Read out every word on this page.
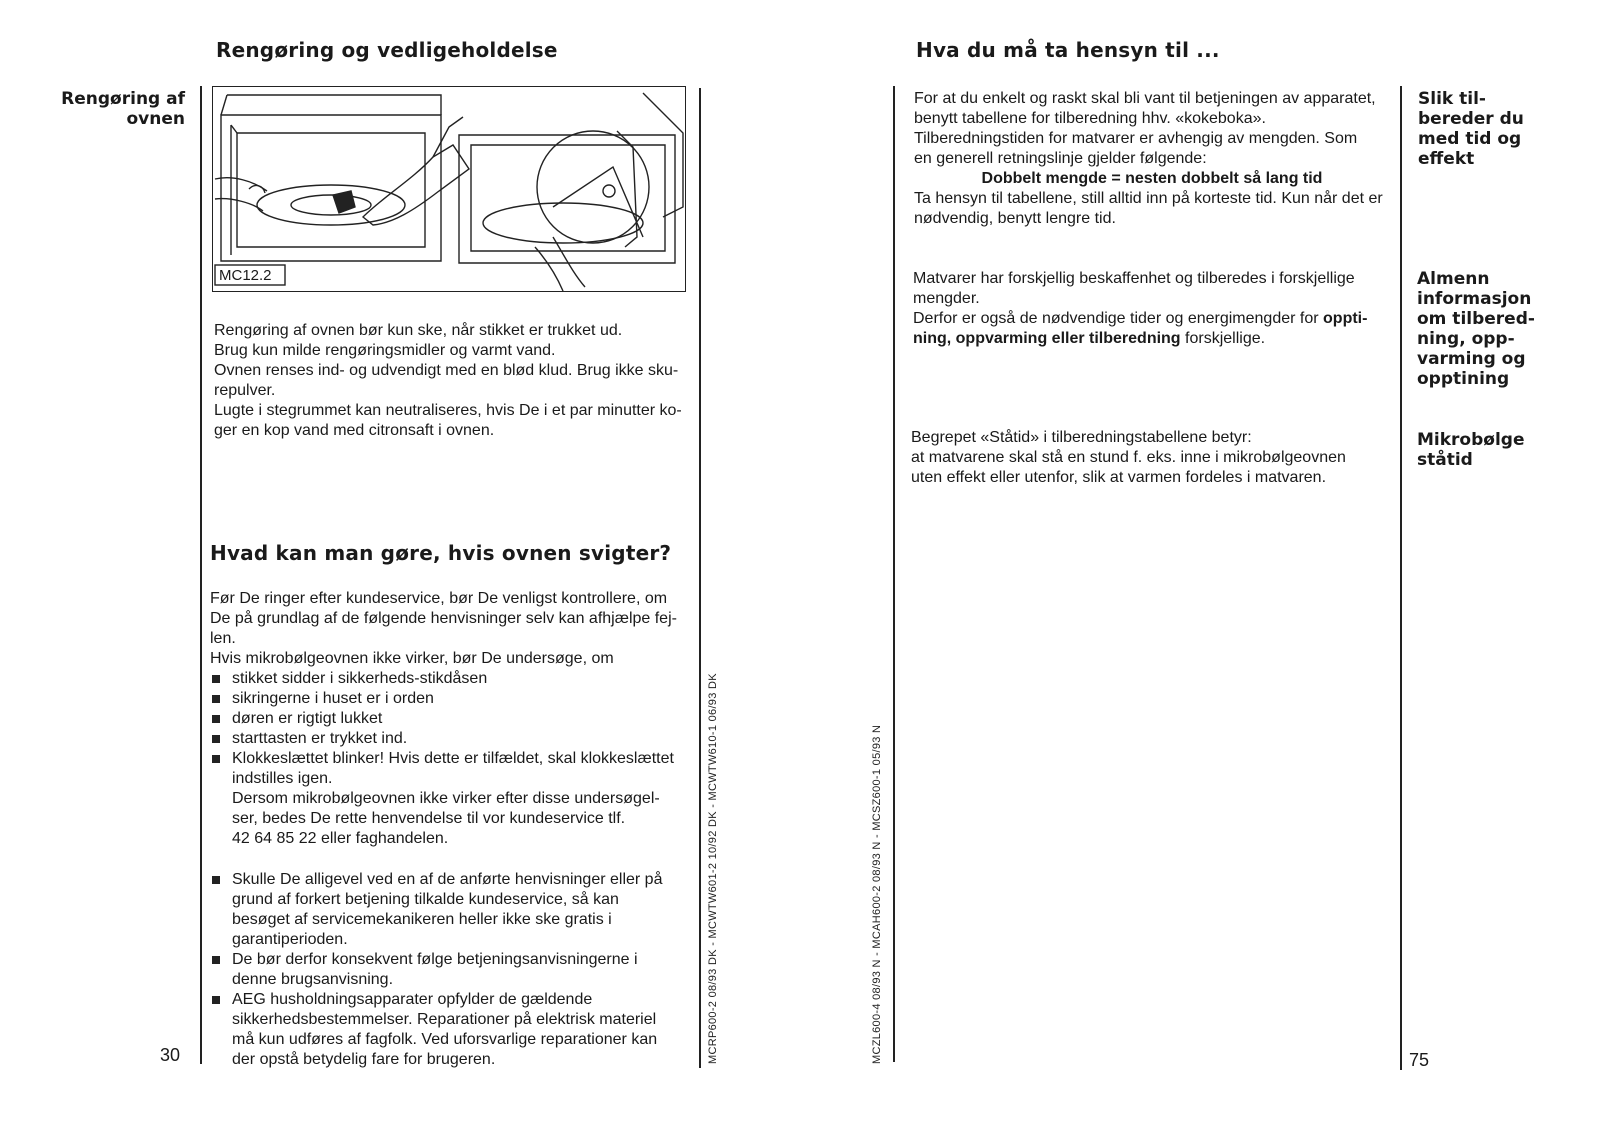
Rengøring og vedligeholdelse
Rengøring af
ovnen
MC12.2

Rengøring af ovnen bør kun ske, når stikket er trukket ud.

Brug kun milde rengøringsmidler og varmt vand.

Ovnen renses ind- og udvendigt med en blød klud. Brug ikke sku-

repulver.

Lugte i stegrummet kan neutraliseres, hvis De i et par minutter ko-

ger en kop vand med citronsaft i ovnen.

Hvad kan man gøre, hvis ovnen svigter?

Før De ringer efter kundeservice, bør De venligst kontrollere, om

De på grundlag af de følgende henvisninger selv kan afhjælpe fej-

len.

Hvis mikrobølgeovnen ikke virker, bør De undersøge, om

stikket sidder i sikkerheds-stikdåsen
sikringerne i huset er i orden
døren er rigtigt lukket
starttasten er trykket ind.
Klokkeslættet blinker! Hvis dette er tilfældet, skal klokkeslættet indstilles igen.

Dersom mikrobølgeovnen ikke virker efter disse undersøgel-

ser, bedes De rette henvendelse til vor kundeservice tlf.

42 64 85 22 eller faghandelen.

Skulle De alligevel ved en af de anførte henvisninger eller på grund af forkert betjening tilkalde kundeservice, så kan besøget af servicemekanikeren heller ikke ske gratis i garantiperioden.
De bør derfor konsekvent følge betjeningsanvisningerne i denne brugsanvisning.
AEG husholdningsapparater opfylder de gældende sikkerhedsbestemmelser. Reparationer på elektrisk materiel må kun udføres af fagfolk. Ved uforsvarlige reparationer kan der opstå betydelig fare for brugeren.
30	MCRP600-2 08/93 DK - MCWTW601-2 10/92 DK - MCWTW610-1 06/93 DK	MCZL600-4 08/93 N - MCAH600-2 08/93 N - MCSZ600-1 05/93 N
Hva du må ta hensyn til ...

For at du enkelt og raskt skal bli vant til betjeningen av apparatet,

benytt tabellene for tilberedning hhv. «kokeboka».

Tilberedningstiden for matvarer er avhengig av mengden. Som

en generell retningslinje gjelder følgende:

Dobbelt mengde = nesten dobbelt så lang tid

Ta hensyn til tabellene, still alltid inn på korteste tid. Kun når det er

nødvendig, benytt lengre tid.

Matvarer har forskjellig beskaffenhet og tilberedes i forskjellige

mengder.

Derfor er også de nødvendige tider og energimengder for oppti-

ning, oppvarming eller tilberedning forskjellige.

Begrepet «Ståtid» i tilberedningstabellene betyr:

at matvarene skal stå en stund f. eks. inne i mikrobølgeovnen

uten effekt eller utenfor, slik at varmen fordeles i matvaren.

Slik til-
bereder du
med tid og
effekt
Almenn
informasjon
om tilbered-
ning, opp-
varming og
opptining
Mikrobølge
ståtid
75
